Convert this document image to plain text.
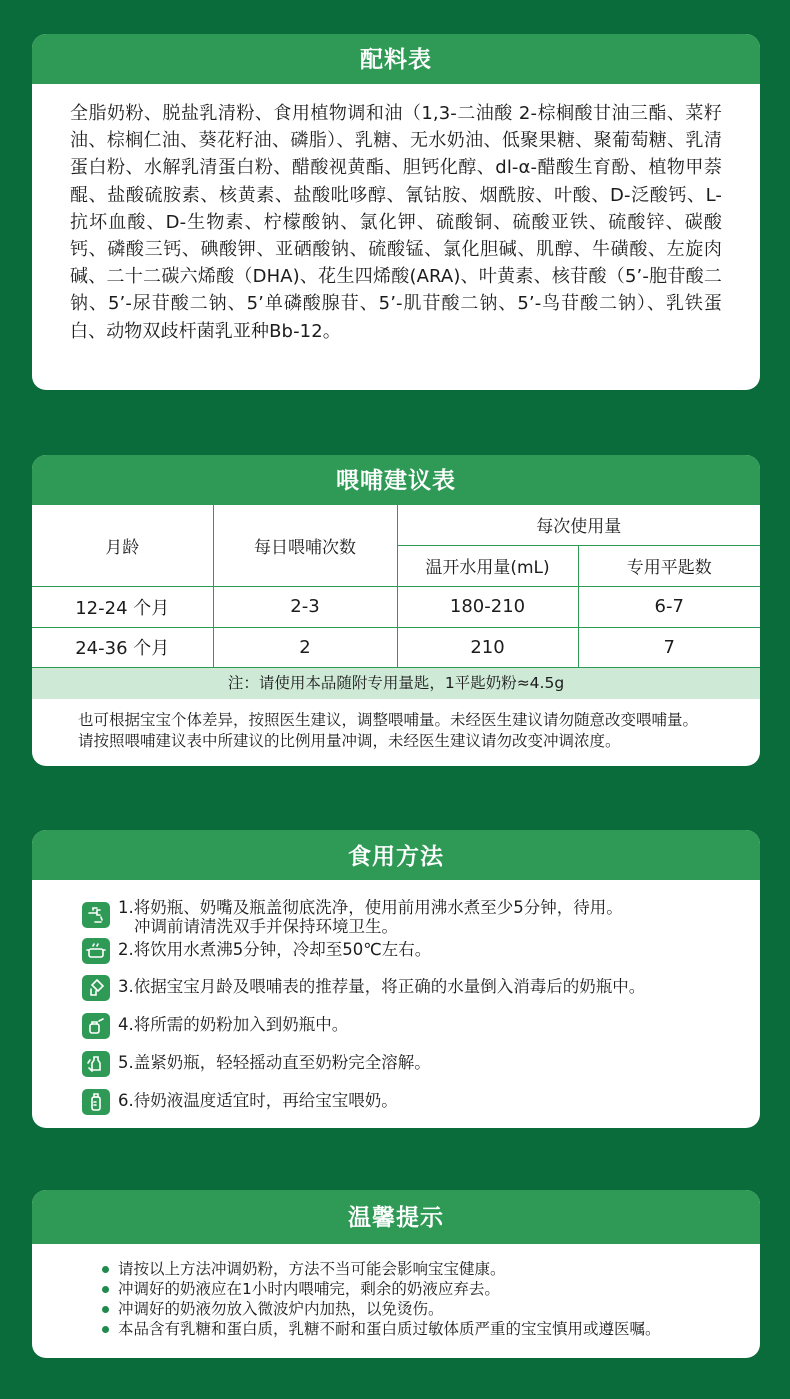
配料表

全脂奶粉、脱盐乳清粉、食用植物调和油（1,3-二油酸 2-棕榈酸甘油三酯、菜籽油、棕榈仁油、葵花籽油、磷脂）、乳糖、无水奶油、低聚果糖、聚葡萄糖、乳清蛋白粉、水解乳清蛋白粉、醋酸视黄酯、胆钙化醇、dl-α-醋酸生育酚、植物甲萘醌、盐酸硫胺素、核黄素、盐酸吡哆醇、氰钴胺、烟酰胺、叶酸、D-泛酸钙、L-抗坏血酸、D-生物素、柠檬酸钠、氯化钾、硫酸铜、硫酸亚铁、硫酸锌、碳酸钙、磷酸三钙、碘酸钾、亚硒酸钠、硫酸锰、氯化胆碱、肌醇、牛磺酸、左旋肉碱、二十二碳六烯酸（DHA)、花生四烯酸(ARA)、叶黄素、核苷酸（5’-胞苷酸二钠、5’-尿苷酸二钠、5’单磷酸腺苷、5’-肌苷酸二钠、5’-鸟苷酸二钠）、乳铁蛋白、动物双歧杆菌乳亚种Bb-12。

喂哺建议表
月龄	每日喂哺次数	每次使用量	
		温开水用量(mL)	专用平匙数
12-24 个月	2-3	180-210	6-7
24-36 个月	2	210	7
注：请使用本品随附专用量匙，1平匙奶粉≈4.5g
也可根据宝宝个体差异，按照医生建议，调整喂哺量。未经医生建议请勿随意改变喂哺量。
请按照喂哺建议表中所建议的比例用量冲调，未经医生建议请勿改变冲调浓度。
食用方法
1.将奶瓶、奶嘴及瓶盖彻底洗净，使用前用沸水煮至少5分钟，待用。
冲调前请清洗双手并保持环境卫生。
2.将饮用水煮沸5分钟，冷却至50℃左右。
3.依据宝宝月龄及喂哺表的推荐量，将正确的水量倒入消毒后的奶瓶中。
4.将所需的奶粉加入到奶瓶中。
5.盖紧奶瓶，轻轻摇动直至奶粉完全溶解。
6.待奶液温度适宜时，再给宝宝喂奶。
温馨提示
请按以上方法冲调奶粉，方法不当可能会影响宝宝健康。
冲调好的奶液应在1小时内喂哺完，剩余的奶液应弃去。
冲调好的奶液勿放入微波炉内加热，以免烫伤。
本品含有乳糖和蛋白质，乳糖不耐和蛋白质过敏体质严重的宝宝慎用或遵医嘱。
